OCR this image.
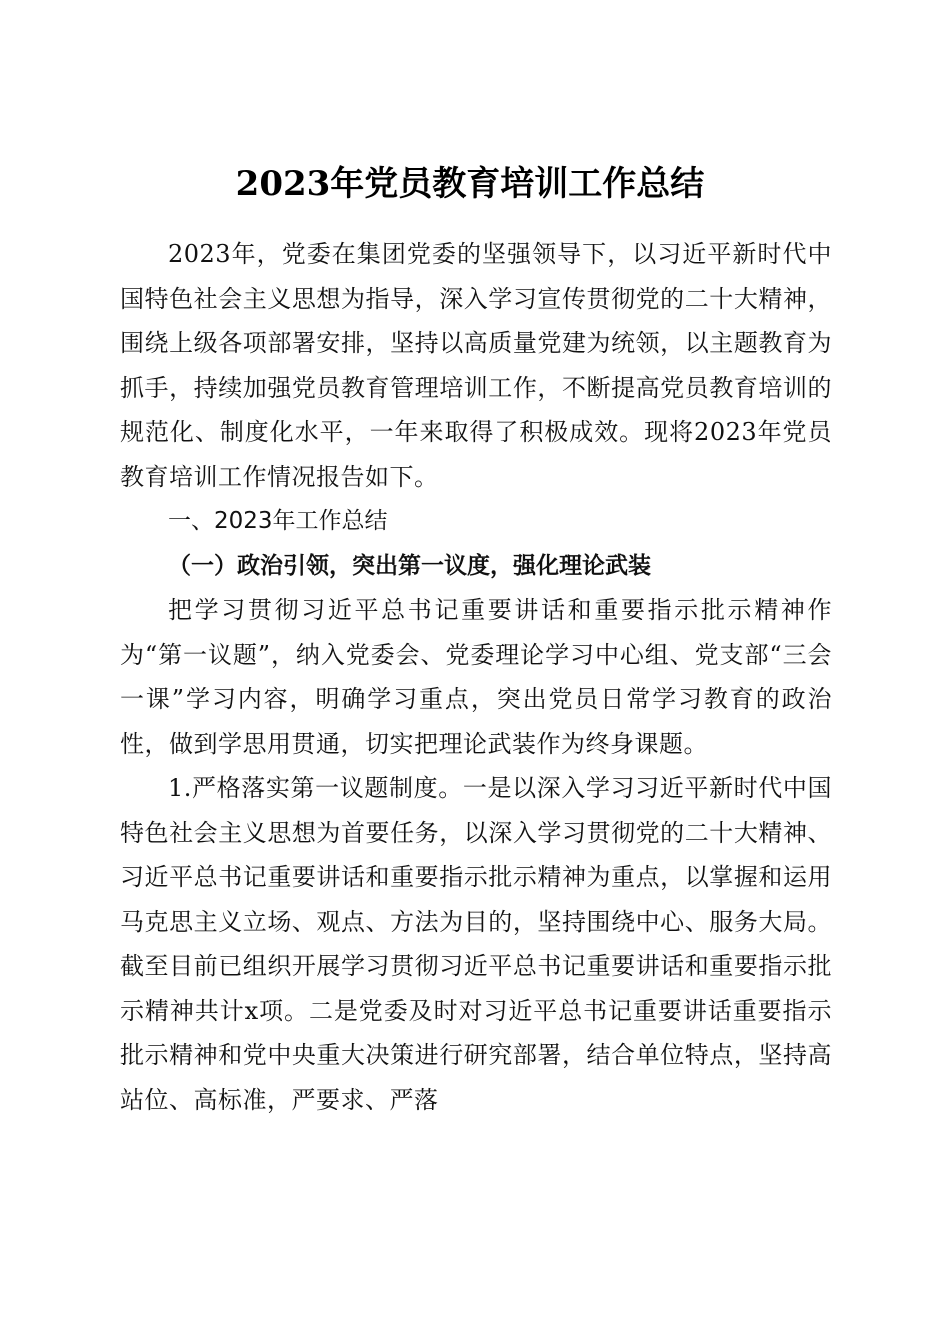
2023年党员教育培训工作总结

2023年，党委在集团党委的坚强领导下，以习近平新时代中国特色社会主义思想为指导，深入学习宣传贯彻党的二十大精神，围绕上级各项部署安排，坚持以高质量党建为统领，以主题教育为抓手，持续加强党员教育管理培训工作，不断提高党员教育培训的规范化、制度化水平，一年来取得了积极成效。现将2023年党员教育培训工作情况报告如下。

一、2023年工作总结

（一）政治引领，突出第一议度，强化理论武装

把学习贯彻习近平总书记重要讲话和重要指示批示精神作为“第一议题”，纳入党委会、党委理论学习中心组、党支部“三会一课”学习内容，明确学习重点，突出党员日常学习教育的政治性，做到学思用贯通，切实把理论武装作为终身课题。

1.严格落实第一议题制度。一是以深入学习习近平新时代中国特色社会主义思想为首要任务，以深入学习贯彻党的二十大精神、习近平总书记重要讲话和重要指示批示精神为重点，以掌握和运用马克思主义立场、观点、方法为目的，坚持围绕中心、服务大局。截至目前已组织开展学习贯彻习近平总书记重要讲话和重要指示批示精神共计x项。二是党委及时对习近平总书记重要讲话重要指示批示精神和党中央重大决策进行研究部署，结合单位特点，坚持高站位、高标准，严要求、严落
